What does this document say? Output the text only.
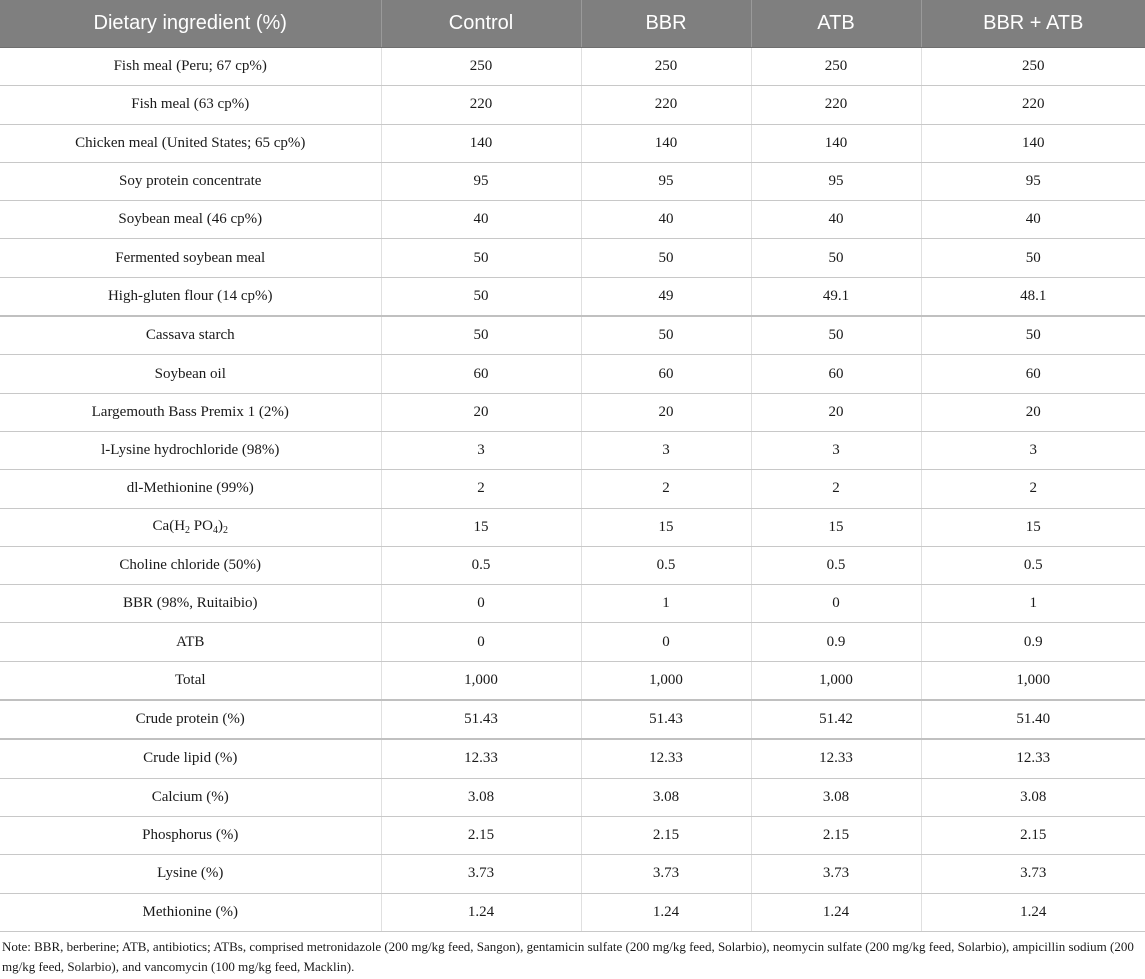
Dietary ingredient (%)	Control	BBR	ATB	BBR + ATB
Fish meal (Peru; 67 cp%)	250	250	250	250
Fish meal (63 cp%)	220	220	220	220
Chicken meal (United States; 65 cp%)	140	140	140	140
Soy protein concentrate	95	95	95	95
Soybean meal (46 cp%)	40	40	40	40
Fermented soybean meal	50	50	50	50
High-gluten flour (14 cp%)	50	49	49.1	48.1
Cassava starch	50	50	50	50
Soybean oil	60	60	60	60
Largemouth Bass Premix 1 (2%)	20	20	20	20
l-Lysine hydrochloride (98%)	3	3	3	3
dl-Methionine (99%)	2	2	2	2
$Ca(H_2$ $PO_4)_2$	15	15	15	15
Choline chloride (50%)	0.5	0.5	0.5	0.5
BBR (98%, Ruitaibio)	0	1	0	1
ATB	0	0	0.9	0.9
Total	1,000	1,000	1,000	1,000
Crude protein (%)	51.43	51.43	51.42	51.40
Crude lipid (%)	12.33	12.33	12.33	12.33
Calcium (%)	3.08	3.08	3.08	3.08
Phosphorus (%)	2.15	2.15	2.15	2.15
Lysine (%)	3.73	3.73	3.73	3.73
Methionine (%)	1.24	1.24	1.24	1.24

Note: BBR, berberine; ATB, antibiotics; ATBs, comprised metronidazole (200 mg/kg feed, Sangon), gentamicin sulfate (200 mg/kg feed, Solarbio), neomycin sulfate (200 mg/kg feed, Solarbio), ampicillin sodium (200 mg/kg feed, Solarbio), and vancomycin (100 mg/kg feed, Macklin).
